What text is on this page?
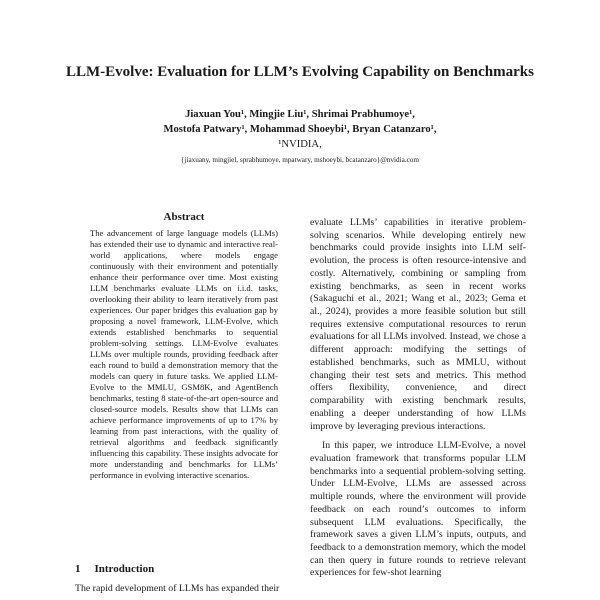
LLM-Evolve: Evaluation for LLM’s Evolving Capability on Benchmarks
Jiaxuan You¹, Mingjie Liu¹, Shrimai Prabhumoye¹,
Mostofa Patwary¹, Mohammad Shoeybi¹, Bryan Catanzaro¹,
¹NVIDIA,
{jiaxuany, mingjiel, sprabhumoye, mpatwary, mshoeybi, bcatanzaro}@nvidia.com
Abstract
The advancement of large language models (LLMs) has extended their use to dynamic and interactive real-world applications, where models engage continuously with their environment and potentially enhance their performance over time. Most existing LLM benchmarks evaluate LLMs on i.i.d. tasks, overlooking their ability to learn iteratively from past experiences. Our paper bridges this evaluation gap by proposing a novel framework, LLM-Evolve, which extends established benchmarks to sequential problem-solving settings. LLM-Evolve evaluates LLMs over multiple rounds, providing feedback after each round to build a demonstration memory that the models can query in future tasks. We applied LLM-Evolve to the MMLU, GSM8K, and AgentBench benchmarks, testing 8 state-of-the-art open-source and closed-source models. Results show that LLMs can achieve performance improvements of up to 17% by learning from past interactions, with the quality of retrieval algorithms and feedback significantly influencing this capability. These insights advocate for more understanding and benchmarks for LLMs’ performance in evolving interactive scenarios.
1 Introduction
The rapid development of LLMs has expanded their

evaluate LLMs’ capabilities in iterative problem-solving scenarios. While developing entirely new benchmarks could provide insights into LLM self-evolution, the process is often resource-intensive and costly. Alternatively, combining or sampling from existing benchmarks, as seen in recent works (Sakaguchi et al., 2021; Wang et al., 2023; Gema et al., 2024), provides a more feasible solution but still requires extensive computational resources to rerun evaluations for all LLMs involved. Instead, we chose a different approach: modifying the settings of established benchmarks, such as MMLU, without changing their test sets and metrics. This method offers flexibility, convenience, and direct comparability with existing benchmark results, enabling a deeper understanding of how LLMs improve by leveraging previous interactions.

In this paper, we introduce LLM-Evolve, a novel evaluation framework that transforms popular LLM benchmarks into a sequential problem-solving setting. Under LLM-Evolve, LLMs are assessed across multiple rounds, where the environment will provide feedback on each round’s outcomes to inform subsequent LLM evaluations. Specifically, the framework saves a given LLM’s inputs, outputs, and feedback to a demonstration memory, which the model can then query in future rounds to retrieve relevant experiences for few-shot learning
